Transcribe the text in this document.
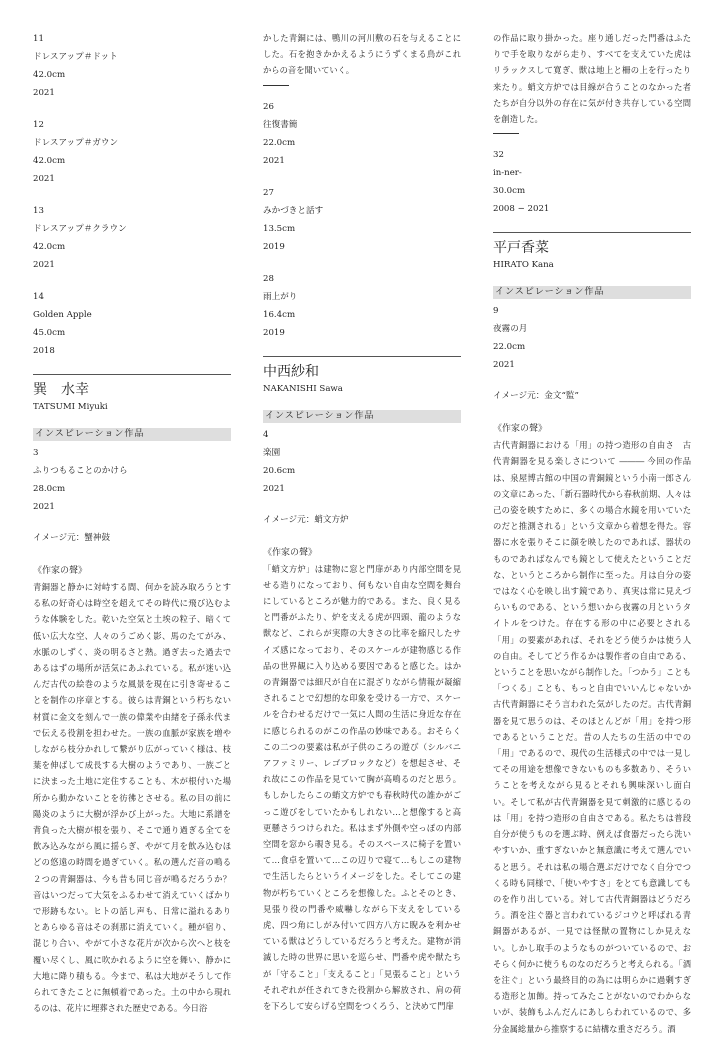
11
ドレスアップ＃ドット
42.0cm
2021
12
ドレスアップ＃ガウン
42.0cm
2021
13
ドレスアップ＃クラウン
42.0cm
2021
14
Golden Apple
45.0cm
2018
巽　水幸
TATSUMI Miyuki
インスピレーション作品
3
ふりつもることのかけら
28.0cm
2021
イメージ元：蟹神鼓
《作家の聲》

青銅器と静かに対峙する間、何かを読み取ろうとする私の好奇心は時空を超えてその時代に飛び込むような体験をした。乾いた空気と土埃の粒子、暗くて低い広大な空、人々のうごめく影、馬のたてがみ、水脈のしずく、炎の明るさと熱。過ぎ去った過去であるはずの場所が活気にあふれている。私が迷い込んだ古代の絵巻のような風景を現在に引き寄せることを制作の序章とする。彼らは青銅という朽ちない材質に金文を刻んで一族の偉業や由緒を子孫永代まで伝える役割を担わせた。一族の血脈が家族を増やしながら枝分かれして繋がり広がっていく様は、枝葉を伸ばして成長する大樹のようであり、一族ごとに決まった土地に定住することも、木が根付いた場所から動かないことを彷彿とさせる。私の目の前に陽炎のように大樹が浮かび上がった。大地に系譜を背負った大樹が根を張り、そこで通り過ぎる全てを飲み込みながら風に揺らぎ、やがて月を飲み込むほどの悠遠の時間を過ぎていく。私の選んだ音の鳴る２つの青銅器は、今も昔も同じ音が鳴るだろうか？音はいつだって大気をふるわせて消えていくばかりで形跡もない。ヒトの話し声も、日常に溢れるありとあらゆる音はその刹那に消えていく。種が宿り、混じり合い、やがて小さな花片が次から次へと枝を覆い尽くし、風に吹かれるように空を舞い、静かに大地に降り積もる。今まで、私は大地がそうして作られてきたことに無頓着であった。土の中から現れるのは、花片に埋葬された歴史である。今日浴

かした青銅には、鴨川の河川敷の石を与えることにした。石を抱きかかえるようにうずくまる鳥がこれからの音を聞いていく。

26
往復書簡
22.0cm
2021
27
みかづきと話す
13.5cm
2019
28
雨上がり
16.4cm
2019
中西紗和
NAKANISHI Sawa
インスピレーション作品
4
楽園
20.6cm
2021
イメージ元：蛸文方炉
《作家の聲》

「蛸文方炉」は建物に窓と門扉があり内部空間を見せる造りになっており、何もない自由な空間を舞台にしているところが魅力的である。また、良く見ると門番がふたり、炉を支える虎が四頭、龍のような獣など、これらが実際の大きさの比率を縮尺したサイズ感になっており、そのスケールが建物感じる作品の世界観に入り込める要因であると感じた。はかの青銅器では細尺が自在に混ざりながら情報が凝縮されることで幻想的な印象を受ける一方で、スケールを合わせるだけで一気に人間の生活に身近な存在に感じられるのがこの作品の妙味である。おそらくこの二つの要素は私が子供のころの遊び（シルバニアファミリー、レゴブロックなど）を想起させ、それ故にこの作品を見ていて胸が高鳴るのだと思う。もしかしたらこの蛸文方炉でも春秋時代の誰かがごっこ遊びをしていたかもしれない…と想像すると高更懸さうつけられた。私はまず外側や空っぽの内部空間を窓から覗き見る。そのスペースに椅子を置いて…食卓を置いて…この辺りで寝て…もしこの建物で生活したらというイメージをした。そしてこの建物が朽ちていくところを想像した。ふとそのとき、見張り役の門番や威嚇しながら下支えをしている虎、四つ角にしがみ付いて四方八方に睨みを利かせている獣はどうしているだろうと考えた。建物が消滅した時の世界に思いを巡らせ、門番や虎や獣たちが「守ること」「支えること」「見張ること」というそれぞれが任されてきた役割から解放され、肩の荷を下ろして安らげる空間をつくろう、と決めて門扉

の作品に取り掛かった。座り通しだった門番はふたりで手を取りながら走り、すべてを支えていた虎はリラックスして寛ぎ、獣は地上と柵の上を行ったり来たり。蛸文方炉では目線が合うことのなかった者たちが自分以外の存在に気が付き共存している空間を創造した。

32
in-ner-
30.0cm
2008 − 2021
平戸香菜
HIRATO Kana
インスピレーション作品
9
夜霧の月
22.0cm
2021
イメージ元：金文“監”
《作家の聲》

古代青銅器における「用」の持つ造形の自由さ　古代青銅器を見る楽しさについて ――― 今回の作品は、泉屋博古館の中国の青銅鏡という小南一郎さんの文章にあった、「新石器時代から春秋前期、人々は己の姿を映すために、多くの場合水鏡を用いていたのだと推測される」という文章から着想を得た。容器に水を張りそこに顔を映したのであれば、器状のものであればなんでも鏡として使えたということだな、というところから制作に至った。月は自分の姿ではなく心を映し出す鏡であり、真実は常に見えづらいものである、という想いから夜霧の月というタイトルをつけた。存在する形の中に必要とされる「用」の要素があれば、それをどう使うかは使う人の自由。そしてどう作るかは製作者の自由である、ということを思いながら制作した。「つかう」ことも「つくる」ことも、もっと自由でいいんじゃないか古代青銅器にそう言われた気がしたのだ。古代青銅器を見て思うのは、そのほとんどが「用」を持つ形であるということだ。昔の人たちの生活の中での「用」であるので、現代の生活様式の中では一見してその用途を想像できないものも多数あり、そういうことを考えながら見るとそれも興味深いし面白い。そして私が古代青銅器を見て刺激的に感じるのは「用」を持つ造形の自由さである。私たちは普段自分が使うものを選ぶ時、例えば食器だったら洗いやすいか、重すぎないかと無意識に考えて選んでいると思う。それは私の場合選ぶだけでなく自分でつくる時も同様で、「使いやすさ」をとても意識してものを作り出している。対して古代青銅器はどうだろう。酒を注ぐ器と言われているジコウと呼ばれる青銅器があるが、一見では怪獣の置物にしか見えない。しかし取手のようなものがついているので、おそらく何かに使うものなのだろうと考えられる。「酒を注ぐ」という最終目的の為には明らかに過剰すぎる造形と加飾。持ってみたことがないのでわからないが、装飾もふんだんにあしらわれているので、多分金属総量から推察するに結構な重さだろう。酒
